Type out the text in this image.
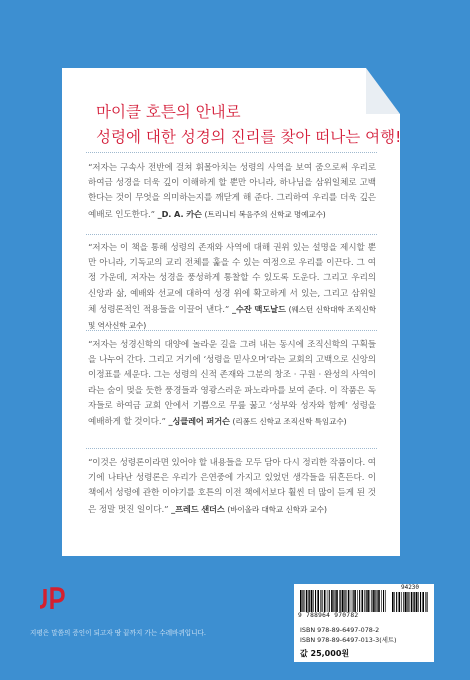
마이클 호튼의 안내로
성령에 대한 성경의 진리를 찾아 떠나는 여행!
“저자는 구속사 전반에 걸쳐 휘몰아치는 성령의 사역을 보여 줌으로써 우리로 하여금 성경을 더욱 깊이 이해하게 할 뿐만 아니라, 하나님을 삼위일체로 고백한다는 것이 무엇을 의미하는지를 깨닫게 해 준다. 그리하여 우리를 더욱 깊은 예배로 인도한다.” _D. A. 카슨 (트리니티 복음주의 신학교 명예교수)
“저자는 이 책을 통해 성령의 존재와 사역에 대해 권위 있는 설명을 제시할 뿐만 아니라, 기독교의 교리 전체를 훑을 수 있는 여정으로 우리를 이끈다. 그 여정 가운데, 저자는 성경을 풍성하게 통찰할 수 있도록 도운다. 그리고 우리의 신앙과 삶, 예배와 선교에 대하여 성경 위에 확고하게 서 있는, 그리고 삼위일체 성령론적인 적용들을 이끌어 낸다.” _수잔 맥도날드 (웨스턴 신학대학 조직신학 및 역사신학 교수)
“저자는 성경신학의 대양에 놀라운 길을 그려 내는 동시에 조직신학의 구획들을 나누어 간다. 그리고 거기에 ‘성령을 믿사오며’라는 교회의 고백으로 신앙의 이정표를 세운다. 그는 성령의 신적 존재와 그분의 창조 · 구원 · 완성의 사역이라는 숨이 멎을 듯한 풍경들과 영광스러운 파노라마를 보여 준다. 이 작품은 독자들로 하여금 교회 안에서 기쁨으로 무릎 꿇고 ‘성부와 성자와 함께’ 성령을 예배하게 할 것이다.” _싱클레어 퍼거슨 (리폼드 신학교 조직신학 특임교수)
“이것은 성령론이라면 있어야 할 내용들을 모두 담아 다시 정리한 작품이다. 여기에 나타난 성령론은 우리가 은연중에 가지고 있었던 생각들을 뒤흔든다. 이 책에서 성령에 관한 이야기를 호튼의 이전 책에서보다 훨씬 더 많이 듣게 된 것은 정말 멋진 일이다.” _프레드 샌더스 (바이올라 대학교 신학과 교수)
지평은 말씀의 증인이 되고자 땅 끝까지 가는 수레바퀴입니다.
94230
9 788964 970782
ISBN 978-89-6497-078-2
ISBN 978-89-6497-013-3(세트)
값 25,000원
